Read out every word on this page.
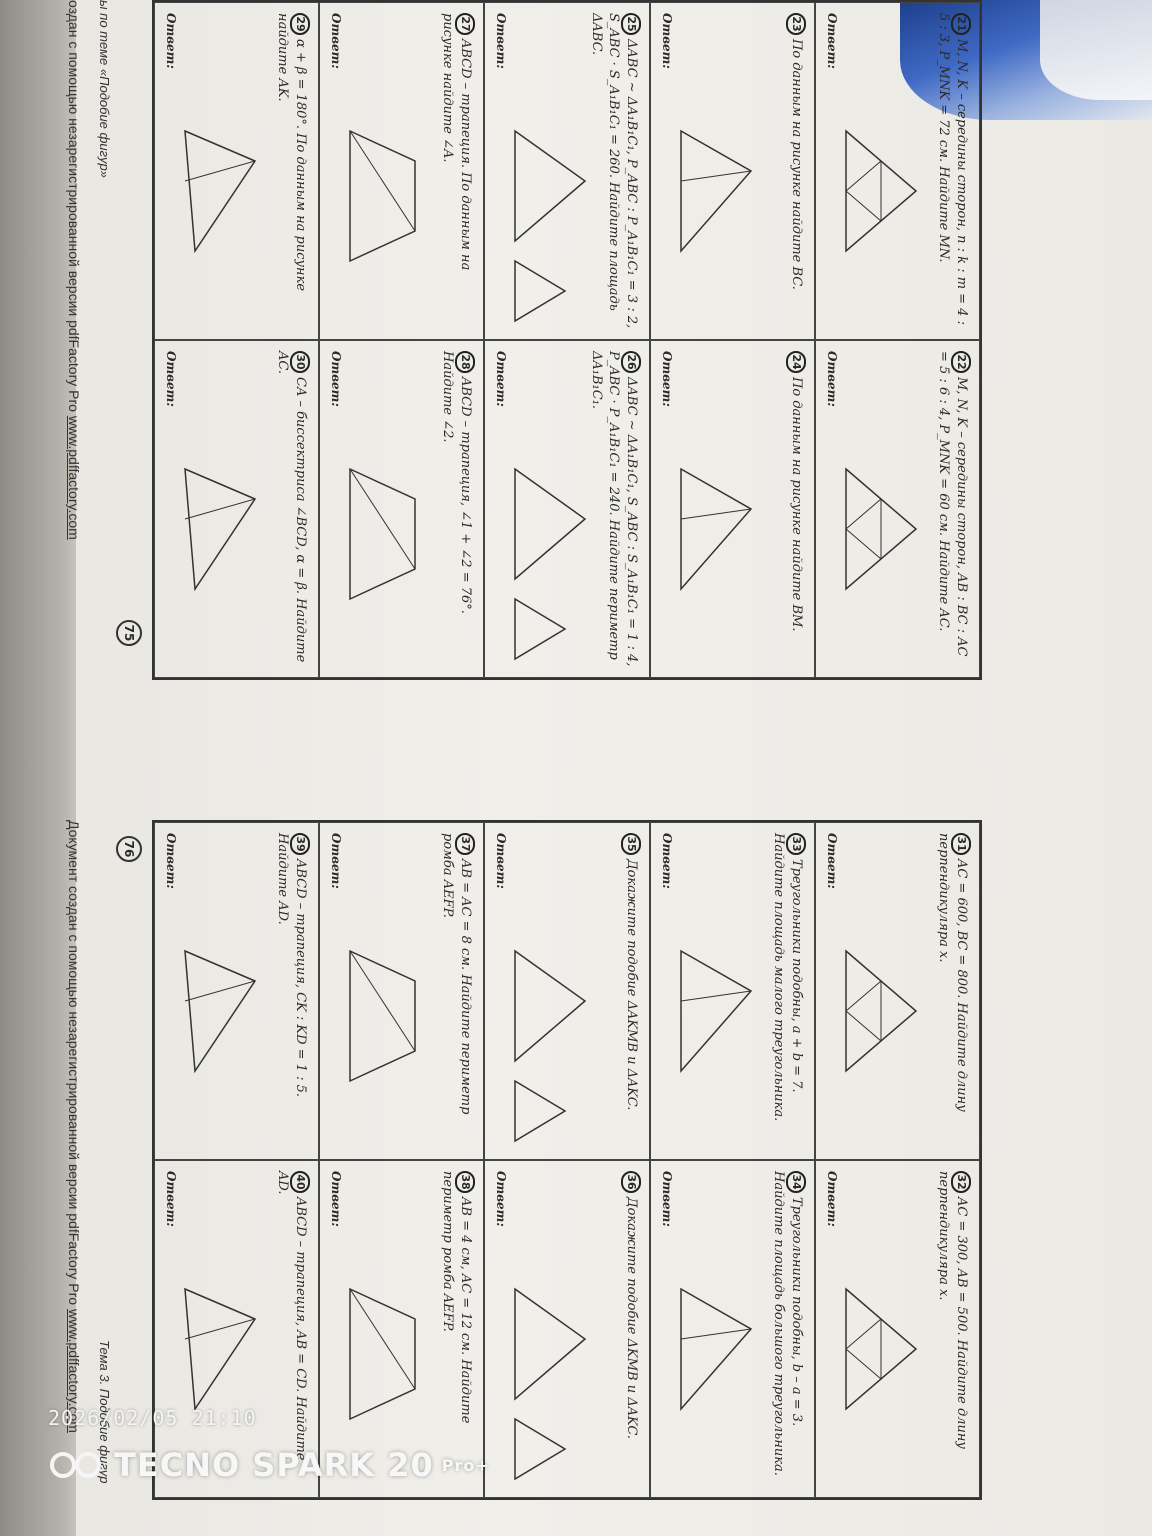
21M, N, K – середины сторон, n : k : m = 4 : 5 : 3, P_MNK = 72 см. Найдите MN.
Ответ:
22M, N, K – середины сторон, AB : BC : AC = 5 : 6 : 4, P_MNK = 60 см. Найдите AC.
Ответ:
23По данным на рисунке найдите BC.
Ответ:
24По данным на рисунке найдите BM.
Ответ:
25ΔABC ~ ΔA₁B₁C₁, P_ABC : P_A₁B₁C₁ = 3 : 2, S_ABC · S_A₁B₁C₁ = 260. Найдите площадь ΔABC.
Ответ:
26ΔABC ~ ΔA₁B₁C₁, S_ABC : S_A₁B₁C₁ = 1 : 4, P_ABC · P_A₁B₁C₁ = 240. Найдите периметр ΔA₁B₁C₁.
Ответ:
27ABCD – трапеция. По данным на рисунке найдите ∠A.
Ответ:
28ABCD – трапеция, ∠1 + ∠2 = 76°. Найдите ∠2.
Ответ:
29α + β = 180°. По данным на рисунке найдите AK.
Ответ:
30CA – биссектриса ∠BCD, α = β. Найдите AC.
Ответ:
75
оздан с помощью незарегистрированной версии pdfFactory Pro www.pdffactory.com
ы по теме «Подобие фигур»
31AC = 600, BC = 800. Найдите длину перпендикуляра x.
Ответ:
32AC = 300, AB = 500. Найдите длину перпендикуляра x.
Ответ:
33Треугольники подобны, a + b = 7. Найдите площадь малого треугольника.
Ответ:
34Треугольники подобны, b – a = 3. Найдите площадь большого треугольника.
Ответ:
35Докажите подобие ΔAKMB и ΔAKC.
Ответ:
36Докажите подобие ΔKMB и ΔAKC.
Ответ:
37AB = AC = 8 см. Найдите периметр ромба AEFP.
Ответ:
38AB = 4 см, AC = 12 см. Найдите периметр ромба AEFP.
Ответ:
39ABCD – трапеция, CK : KD = 1 : 5. Найдите AD.
Ответ:
40ABCD – трапеция, AB = CD. Найдите AD.
Ответ:
76
Документ создан с помощью незарегистрированной версии pdfFactory Pro www.pdffactory.com Тема 3. Подобие фигур
2026/02/05 21:10
TECNO SPARK 20 Pro+
